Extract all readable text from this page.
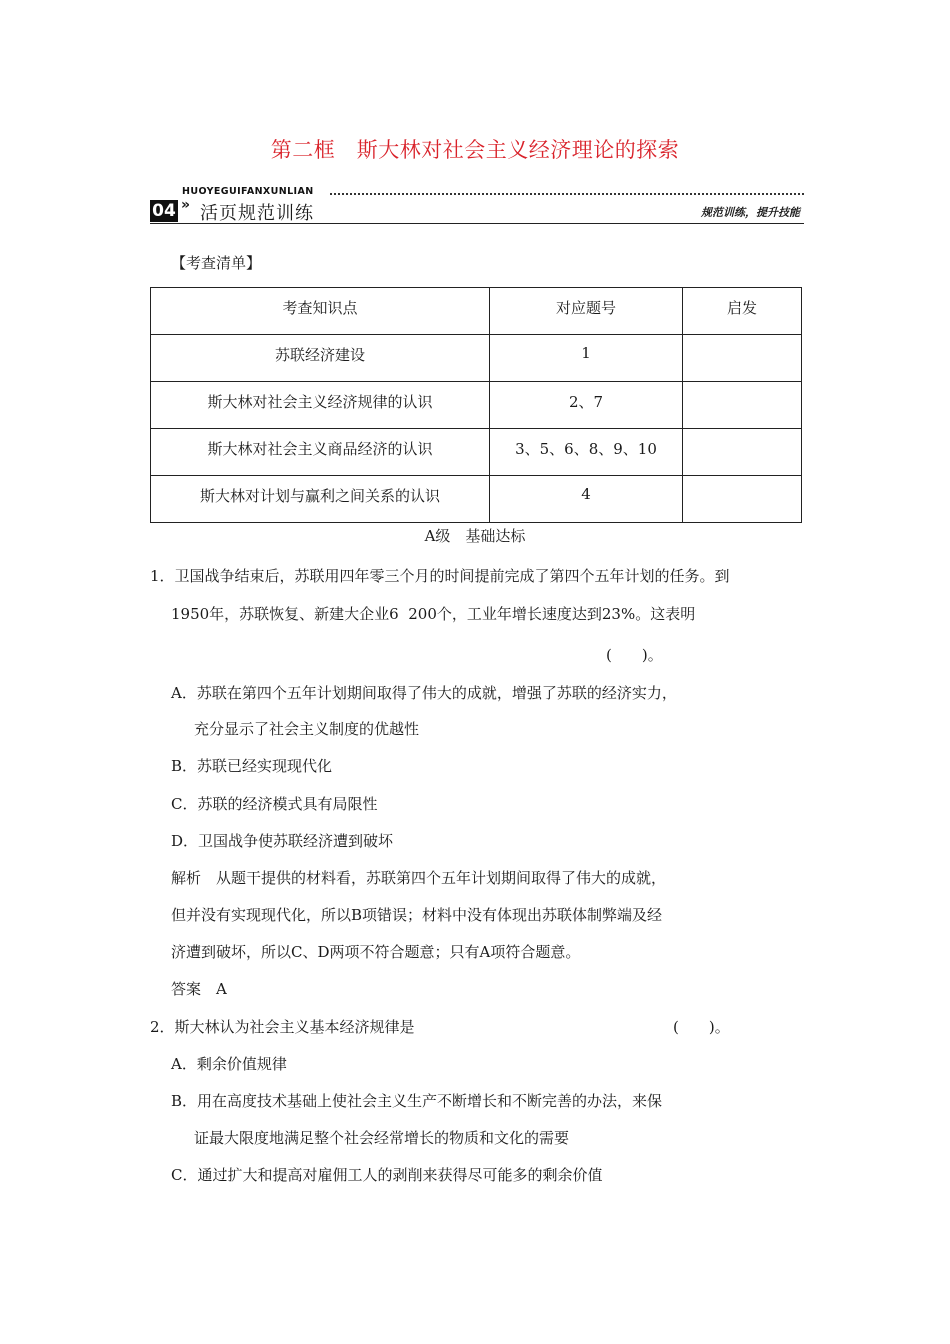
第二框　斯大林对社会主义经济理论的探索
HUOYEGUIFANXUNLIAN
04 » 活页规范训练	规范训练，提升技能
【考查清单】
考查知识点	对应题号	启发

苏联经济建设	1	

斯大林对社会主义经济规律的认识	2、7	

斯大林对社会主义商品经济的认识	3、5、6、8、9、10	

斯大林对计划与赢利之间关系的认识	4	

A级　基础达标
1．卫国战争结束后，苏联用四年零三个月的时间提前完成了第四个五年计划的任务。到
1950年，苏联恢复、新建大企业6  200个，工业年增长速度达到23%。这表明
(　　)。
A．苏联在第四个五年计划期间取得了伟大的成就，增强了苏联的经济实力，
充分显示了社会主义制度的优越性
B．苏联已经实现现代化
C．苏联的经济模式具有局限性
D．卫国战争使苏联经济遭到破坏
解析　从题干提供的材料看，苏联第四个五年计划期间取得了伟大的成就，
但并没有实现现代化，所以B项错误；材料中没有体现出苏联体制弊端及经
济遭到破坏，所以C、D两项不符合题意；只有A项符合题意。
答案　A
2．斯大林认为社会主义基本经济规律是	(　　)。
A．剩余价值规律
B．用在高度技术基础上使社会主义生产不断增长和不断完善的办法，来保
证最大限度地满足整个社会经常增长的物质和文化的需要
C．通过扩大和提高对雇佣工人的剥削来获得尽可能多的剩余价值
